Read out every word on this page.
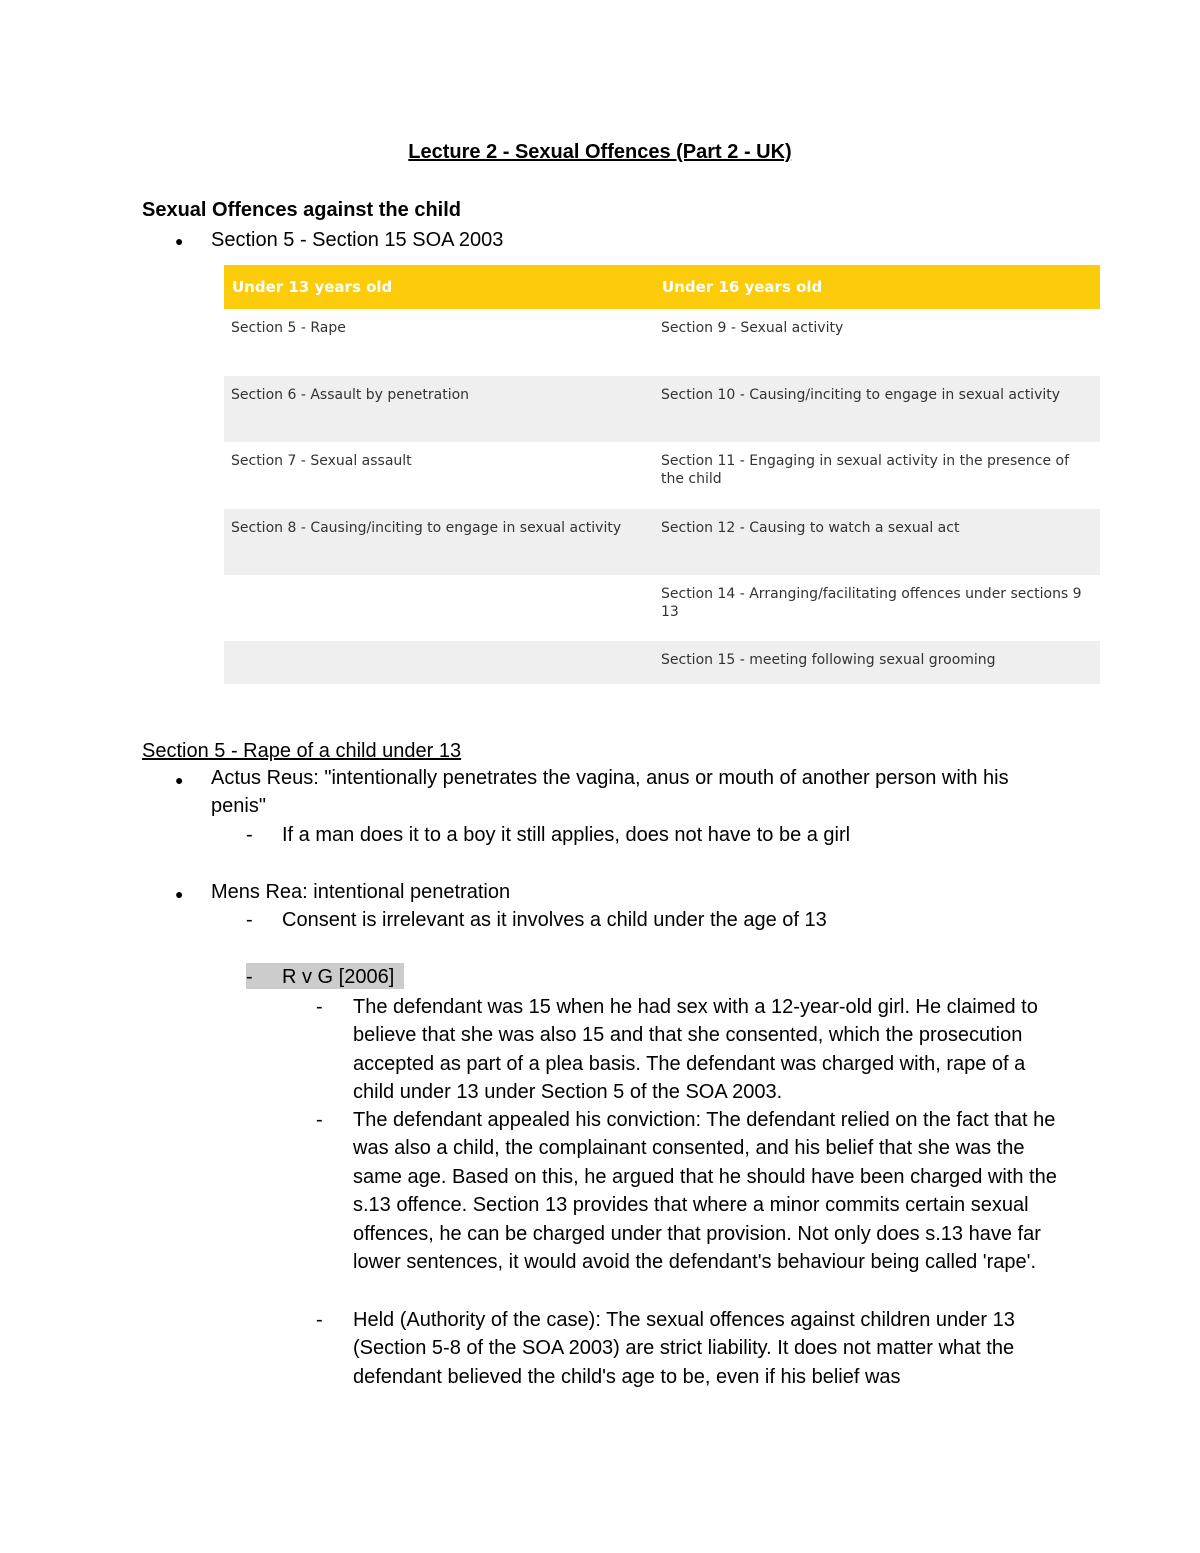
Lecture 2 - Sexual Offences (Part 2 - UK)
Sexual Offences against the child
● Section 5 - Section 15 SOA 2003
Under 13 years old	Under 16 years old
Section 5 - Rape	Section 9 - Sexual activity
Section 6 - Assault by penetration	Section 10 - Causing/inciting to engage in sexual activity
Section 7 - Sexual assault	Section 11 - Engaging in sexual activity in the presence of the child
Section 8 - Causing/inciting to engage in sexual activity	Section 12 - Causing to watch a sexual act
	Section 14 - Arranging/facilitating offences under sections 9 13
	Section 15 - meeting following sexual grooming
Section 5 - Rape of a child under 13
● Actus Reus: "intentionally penetrates the vagina, anus or mouth of another person with his penis"
- If a man does it to a boy it still applies, does not have to be a girl
● Mens Rea: intentional penetration
- Consent is irrelevant as it involves a child under the age of 13
- R v G [2006]
- The defendant was 15 when he had sex with a 12-year-old girl. He claimed to believe that she was also 15 and that she consented, which the prosecution accepted as part of a plea basis. The defendant was charged with, rape of a child under 13 under Section 5 of the SOA 2003.
- The defendant appealed his conviction: The defendant relied on the fact that he was also a child, the complainant consented, and his belief that she was the same age. Based on this, he argued that he should have been charged with the s.13 offence. Section 13 provides that where a minor commits certain sexual offences, he can be charged under that provision. Not only does s.13 have far lower sentences, it would avoid the defendant's behaviour being called 'rape'.
- Held (Authority of the case): The sexual offences against children under 13 (Section 5-8 of the SOA 2003) are strict liability. It does not matter what the defendant believed the child's age to be, even if his belief was
